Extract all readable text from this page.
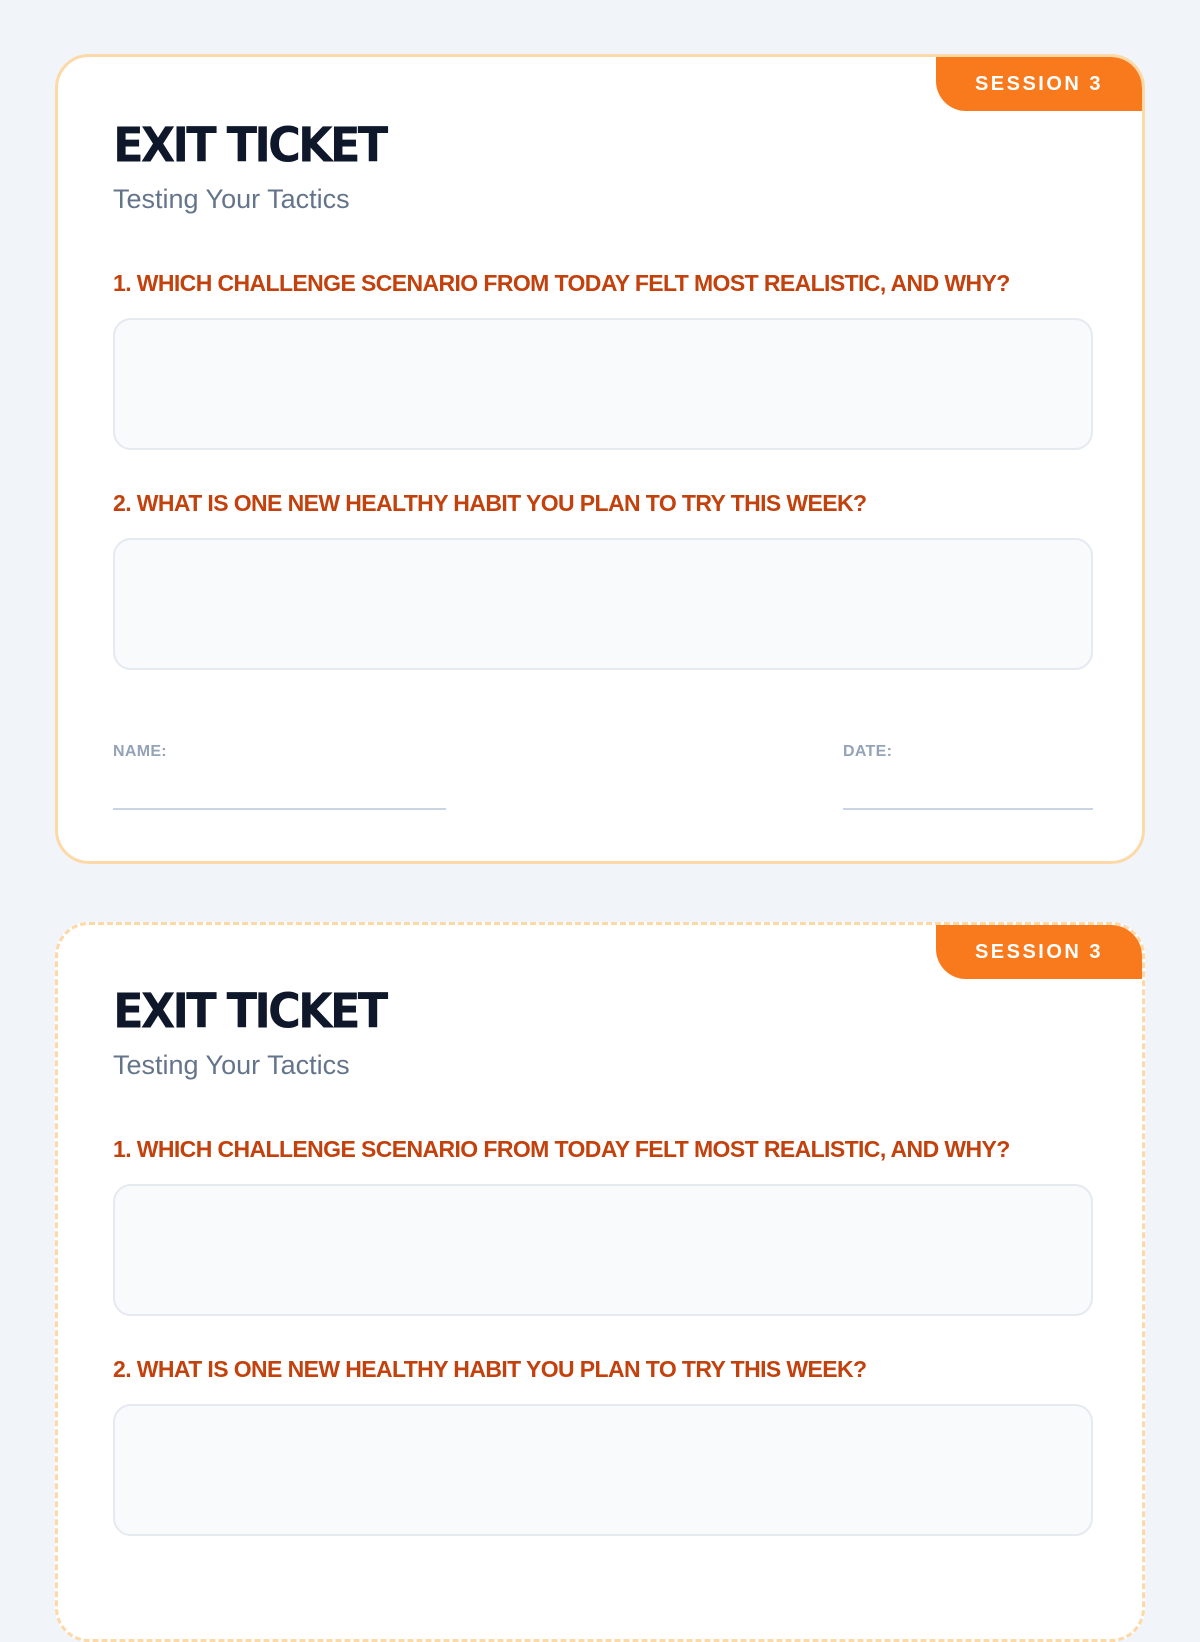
SESSION 3
EXIT TICKET
Testing Your Tactics
1. WHICH CHALLENGE SCENARIO FROM TODAY FELT MOST REALISTIC, AND WHY?
2. WHAT IS ONE NEW HEALTHY HABIT YOU PLAN TO TRY THIS WEEK?
NAME:	DATE:
SESSION 3
EXIT TICKET
Testing Your Tactics
1. WHICH CHALLENGE SCENARIO FROM TODAY FELT MOST REALISTIC, AND WHY?
2. WHAT IS ONE NEW HEALTHY HABIT YOU PLAN TO TRY THIS WEEK?
